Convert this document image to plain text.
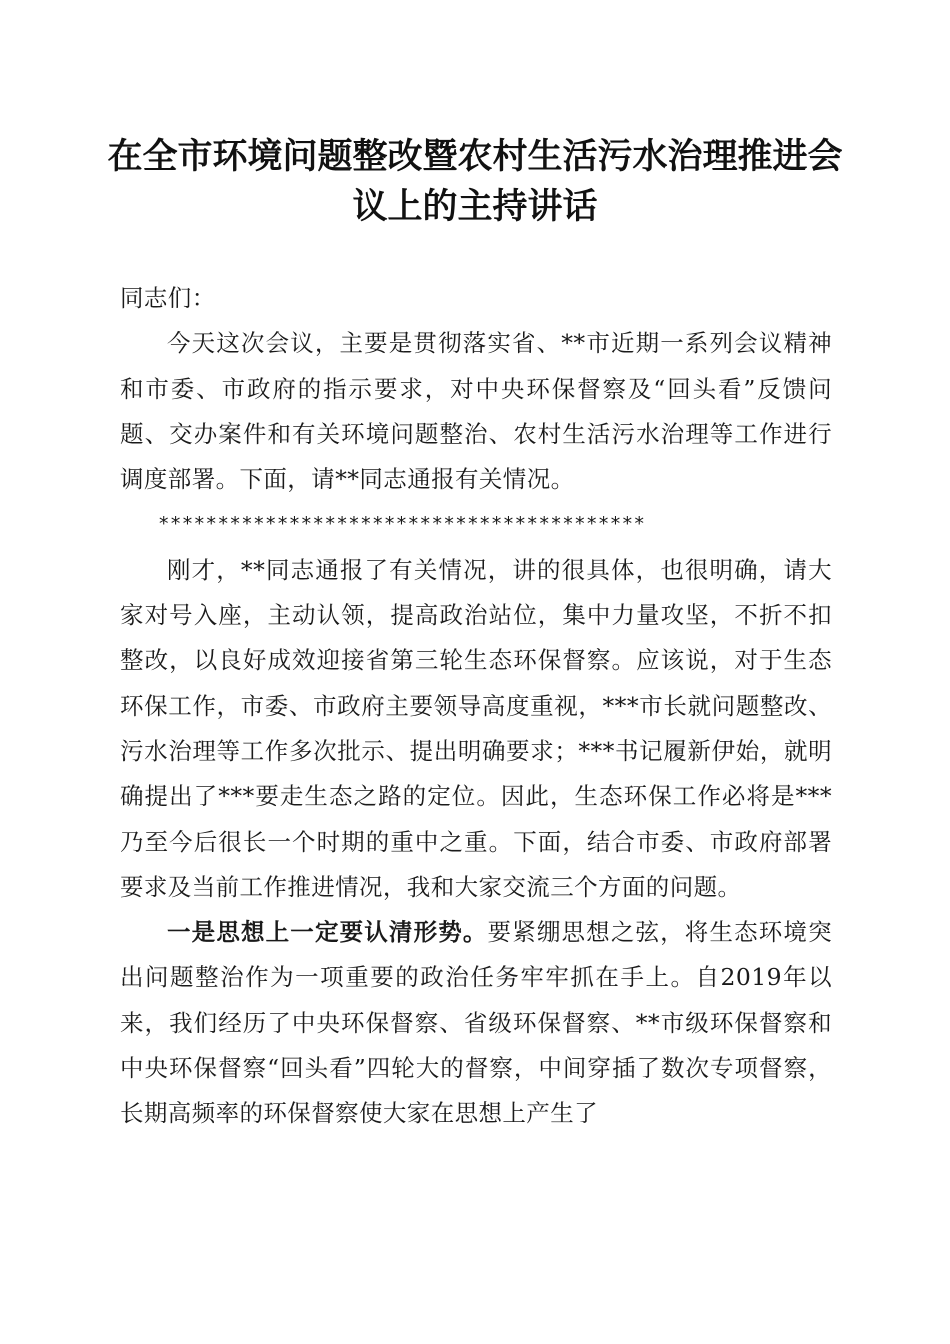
在全市环境问题整改暨农村生活污水治理推进会议上的主持讲话

同志们：

今天这次会议，主要是贯彻落实省、**市近期一系列会议精神和市委、市政府的指示要求，对中央环保督察及“回头看”反馈问题、交办案件和有关环境问题整治、农村生活污水治理等工作进行调度部署。下面，请**同志通报有关情况。

*****************************************

刚才，**同志通报了有关情况，讲的很具体，也很明确，请大家对号入座，主动认领，提高政治站位，集中力量攻坚，不折不扣整改，以良好成效迎接省第三轮生态环保督察。应该说，对于生态环保工作，市委、市政府主要领导高度重视，***市长就问题整改、污水治理等工作多次批示、提出明确要求；***书记履新伊始，就明确提出了***要走生态之路的定位。因此，生态环保工作必将是***乃至今后很长一个时期的重中之重。下面，结合市委、市政府部署要求及当前工作推进情况，我和大家交流三个方面的问题。

一是思想上一定要认清形势。要紧绷思想之弦，将生态环境突出问题整治作为一项重要的政治任务牢牢抓在手上。自2019年以来，我们经历了中央环保督察、省级环保督察、**市级环保督察和中央环保督察“回头看”四轮大的督察，中间穿插了数次专项督察，长期高频率的环保督察使大家在思想上产生了
